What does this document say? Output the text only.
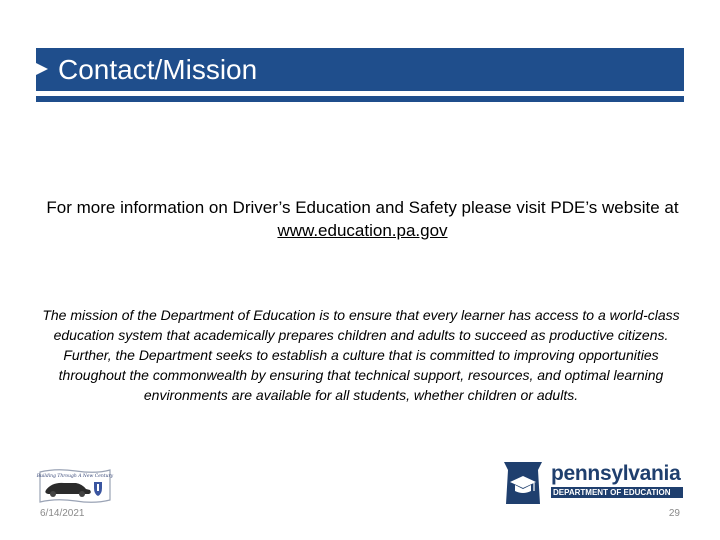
Contact/Mission
For more information on Driver’s Education and Safety please visit PDE’s website at www.education.pa.gov
The mission of the Department of Education is to ensure that every learner has access to a world-class education system that academically prepares children and adults to succeed as productive citizens. Further, the Department seeks to establish a culture that is committed to improving opportunities throughout the commonwealth by ensuring that technical support, resources, and optimal learning environments are available for all students, whether children or adults.
Building Through A New Century	pennsylvania
DEPARTMENT OF EDUCATION
6/14/2021	29
